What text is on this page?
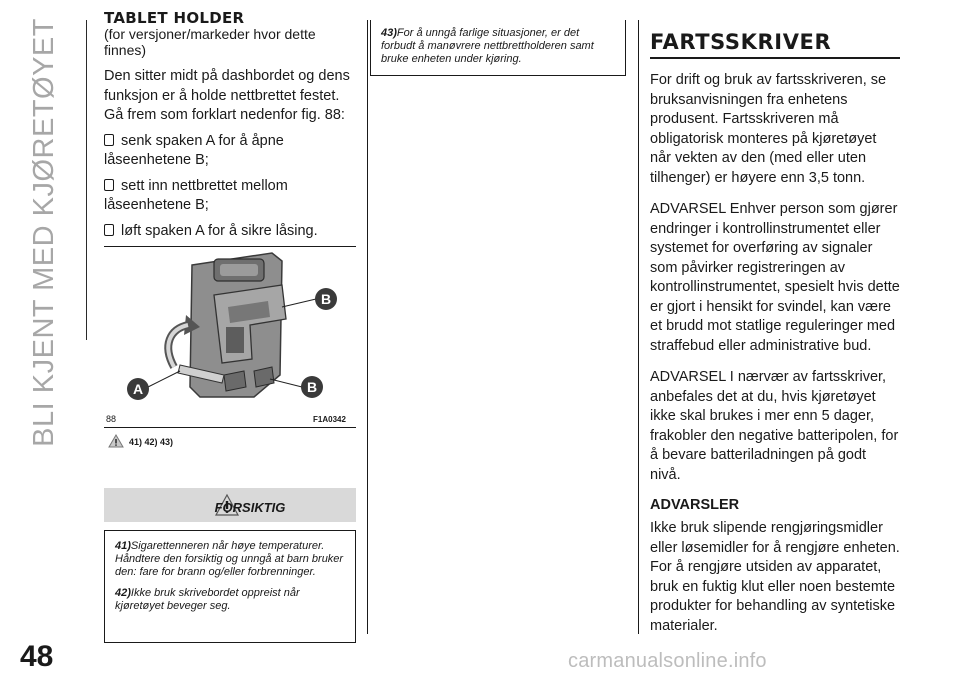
BLI KJENT MED KJØRETØYET
48	carmanualsonline.info
TABLET HOLDER

(for versjoner/markeder hvor dette finnes)

Den sitter midt på dashbordet og dens funksjon er å holde nettbrettet festet. Gå frem som forklart nedenfor fig. 88:

senk spaken A for å åpne låseenhetene B;

sett inn nettbrettet mellom låseenhetene B;

løft spaken A for å sikre låsing.

B
A	B
88	F1A0342
41) 42) 43)
FORSIKTIG

41)Sigarettenneren når høye temperaturer. Håndtere den forsiktig og unngå at barn bruker den: fare for brann og/eller forbrenninger.

42)Ikke bruk skrivebordet oppreist når kjøretøyet beveger seg.

43)For å unngå farlige situasjoner, er det forbudt å manøvrere nettbrettholderen samt bruke enheten under kjøring.

FARTSSKRIVER

For drift og bruk av fartsskriveren, se bruksanvisningen fra enhetens produsent. Fartsskriveren må obligatorisk monteres på kjøretøyet når vekten av den (med eller uten tilhenger) er høyere enn 3,5 tonn.

ADVARSEL Enhver person som gjører endringer i kontrollinstrumentet eller systemet for overføring av signaler som påvirker registreringen av kontrollinstrumentet, spesielt hvis dette er gjort i hensikt for svindel, kan være et brudd mot statlige reguleringer med straffebud eller administrative bud.

ADVARSEL I nærvær av fartsskriver, anbefales det at du, hvis kjøretøyet ikke skal brukes i mer enn 5 dager, frakobler den negative batteripolen, for å bevare batteriladningen på godt nivå.

ADVARSLER

Ikke bruk slipende rengjøringsmidler eller løsemidler for å rengjøre enheten. For å rengjøre utsiden av apparatet, bruk en fuktig klut eller noen bestemte produkter for behandling av syntetiske materialer.
